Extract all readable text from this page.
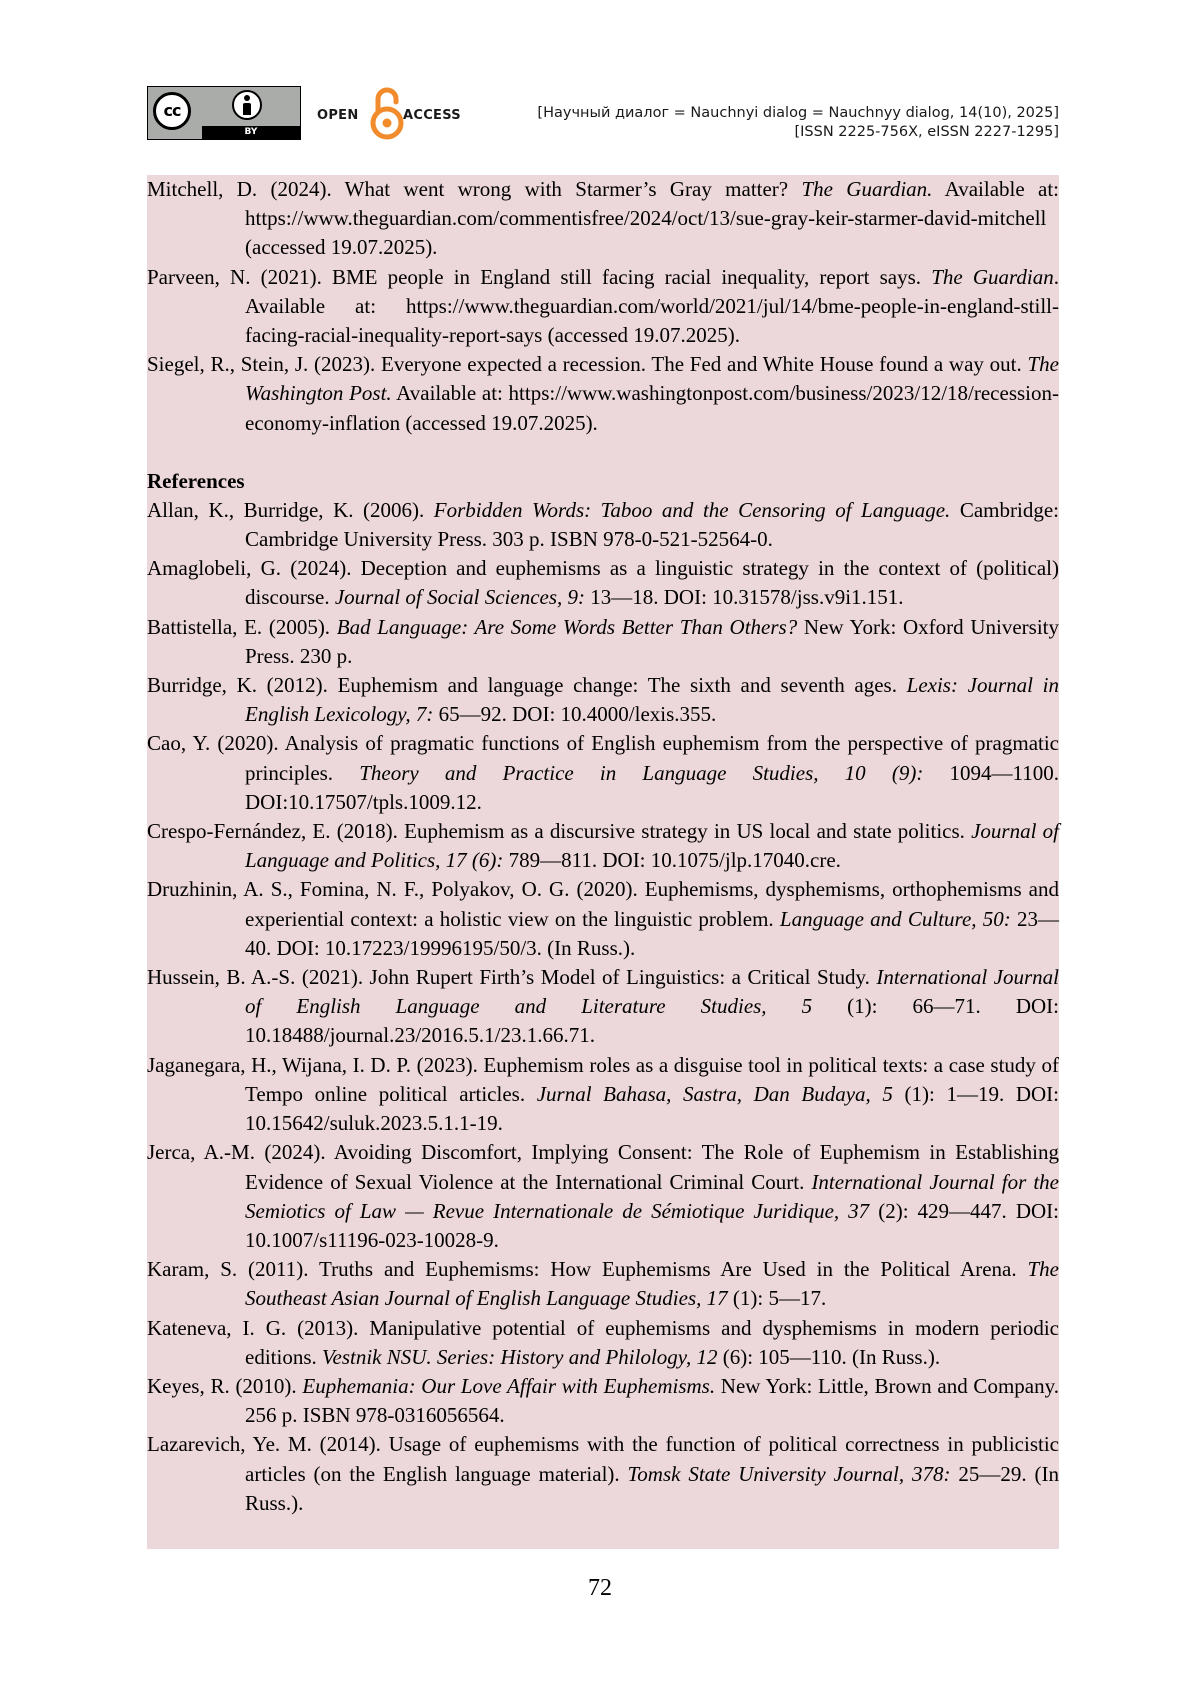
cc
BY
OPEN	ACCESS	[Научный диалог = Nauchnyi dialog = Nauchnyy dialog, 14(10), 2025]
[ISSN 2225-756X, eISSN 2227-1295]

Mitchell, D. (2024). What went wrong with Starmer’s Gray matter? The Guardian. Available at: https://www.theguardian.com/commentisfree/2024/oct/13/sue-gray-keir-starmer-david-mitchell (accessed 19.07.2025).

Parveen, N. (2021). BME people in England still facing racial inequality, report says. The Guardian. Available at: https://www.theguardian.com/world/2021/jul/14/bme-people-in-england-still-facing-racial-inequality-report-says (accessed 19.07.2025).

Siegel, R., Stein, J. (2023). Everyone expected a recession. The Fed and White House found a way out. The Washington Post. Available at: https://www.washingtonpost.com/business/2023/12/18/recession-economy-inflation (accessed 19.07.2025).

References

Allan, K., Burridge, K. (2006). Forbidden Words: Taboo and the Censoring of Language. Cambridge: Cambridge University Press. 303 p. ISBN 978-0-521-52564-0.

Amaglobeli, G. (2024). Deception and euphemisms as a linguistic strategy in the context of (political) discourse. Journal of Social Sciences, 9: 13—18. DOI: 10.31578/jss.v9i1.151.

Battistella, E. (2005). Bad Language: Are Some Words Better Than Others? New York: Oxford University Press. 230 p.

Burridge, K. (2012). Euphemism and language change: The sixth and seventh ages. Lexis: Journal in English Lexicology, 7: 65—92. DOI: 10.4000/lexis.355.

Cao, Y. (2020). Analysis of pragmatic functions of English euphemism from the perspective of pragmatic principles. Theory and Practice in Language Studies, 10 (9): 1094—1100. DOI:10.17507/tpls.1009.12.

Crespo-Fernández, E. (2018). Euphemism as a discursive strategy in US local and state politics. Journal of Language and Politics, 17 (6): 789—811. DOI: 10.1075/jlp.17040.cre.

Druzhinin, A. S., Fomina, N. F., Polyakov, O. G. (2020). Euphemisms, dysphemisms, orthophemisms and experiential context: a holistic view on the linguistic problem. Language and Culture, 50: 23—40. DOI: 10.17223/19996195/50/3. (In Russ.).

Hussein, B. A.-S. (2021). John Rupert Firth’s Model of Linguistics: a Critical Study. International Journal of English Language and Literature Studies, 5 (1): 66—71. DOI: 10.18488/journal.23/2016.5.1/23.1.66.71.

Jaganegara, H., Wijana, I. D. P. (2023). Euphemism roles as a disguise tool in political texts: a case study of Tempo online political articles. Jurnal Bahasa, Sastra, Dan Budaya, 5 (1): 1—19. DOI: 10.15642/suluk.2023.5.1.1-19.

Jerca, A.-M. (2024). Avoiding Discomfort, Implying Consent: The Role of Euphemism in Establishing Evidence of Sexual Violence at the International Criminal Court. International Journal for the Semiotics of Law — Revue Internationale de Sémiotique Juridique, 37 (2): 429—447. DOI: 10.1007/s11196-023-10028-9.

Karam, S. (2011). Truths and Euphemisms: How Euphemisms Are Used in the Political Arena. The Southeast Asian Journal of English Language Studies, 17 (1): 5—17.

Kateneva, I. G. (2013). Manipulative potential of euphemisms and dysphemisms in modern periodic editions. Vestnik NSU. Series: History and Philology, 12 (6): 105—110. (In Russ.).

Keyes, R. (2010). Euphemania: Our Love Affair with Euphemisms. New York: Little, Brown and Company. 256 p. ISBN 978-0316056564.

Lazarevich, Ye. M. (2014). Usage of euphemisms with the function of political correctness in publicistic articles (on the English language material). Tomsk State University Journal, 378: 25—29. (In Russ.).

72
